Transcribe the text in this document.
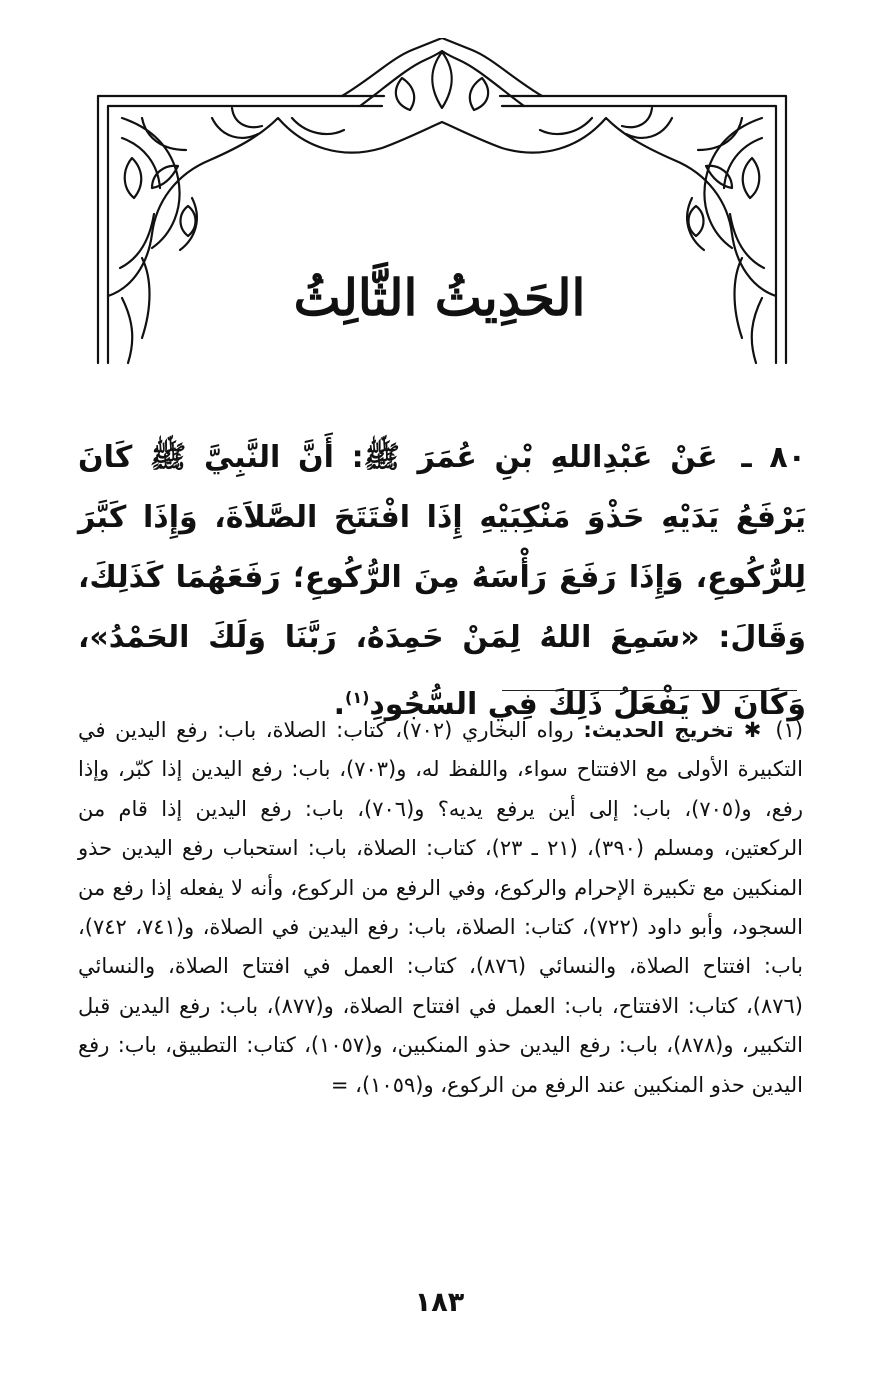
الحَدِيثُ الثَّالِثُ

٨٠ ـ عَنْ عَبْدِاللهِ بْنِ عُمَرَ ﷺ: أَنَّ النَّبِيَّ ﷺ كَانَ يَرْفَعُ يَدَيْهِ حَذْوَ مَنْكِبَيْهِ إِذَا افْتَتَحَ الصَّلاَةَ، وَإِذَا كَبَّرَ لِلرُّكُوعِ، وَإِذَا رَفَعَ رَأْسَهُ مِنَ الرُّكُوعِ؛ رَفَعَهُمَا كَذَلِكَ، وَقَالَ: «سَمِعَ اللهُ لِمَنْ حَمِدَهُ، رَبَّنَا وَلَكَ الحَمْدُ»، وَكَانَ لا يَفْعَلُ ذَلِكَ فِي السُّجُودِ$^{(١)}$.

(١)✱ تخريج الحديث: رواه البخاري (٧٠٢)، كتاب: الصلاة، باب: رفع اليدين في التكبيرة الأولى مع الافتتاح سواء، واللفظ له، و(٧٠٣)، باب: رفع اليدين إذا كبّر، وإذا رفع، و(٧٠٥)، باب: إلى أين يرفع يديه؟ و(٧٠٦)، باب: رفع اليدين إذا قام من الركعتين، ومسلم (٣٩٠)، (٢١ ـ ٢٣)، كتاب: الصلاة، باب: استحباب رفع اليدين حذو المنكبين مع تكبيرة الإحرام والركوع، وفي الرفع من الركوع، وأنه لا يفعله إذا رفع من السجود، وأبو داود (٧٢٢)، كتاب: الصلاة، باب: رفع اليدين في الصلاة، و(٧٤١، ٧٤٢)، باب: افتتاح الصلاة، والنسائي (٨٧٦)، كتاب: العمل في افتتاح الصلاة، والنسائي (٨٧٦)، كتاب: الافتتاح، باب: العمل في افتتاح الصلاة، و(٨٧٧)، باب: رفع اليدين قبل التكبير، و(٨٧٨)، باب: رفع اليدين حذو المنكبين، و(١٠٥٧)، كتاب: التطبيق، باب: رفع اليدين حذو المنكبين عند الرفع من الركوع، و(١٠٥٩)، =

١٨٣
